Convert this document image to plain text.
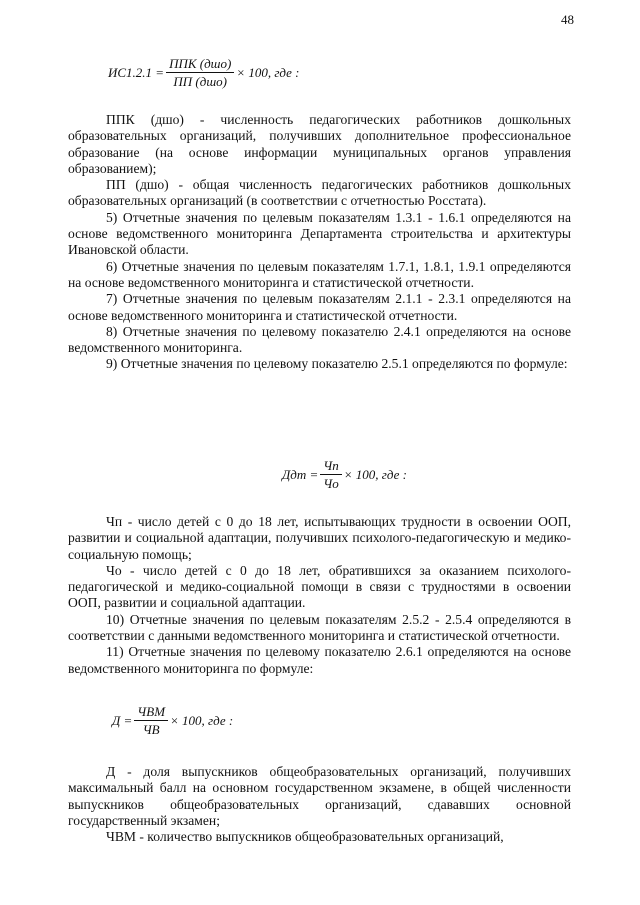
48
$ИС1.2.1 = \frac{\text{ППК (дшо)}}{\text{ПП (дшо)}} \times 100$, где :

ППК (дшо) - численность педагогических работников дошкольных образовательных организаций, получивших дополнительное профессиональное образование (на основе информации муниципальных органов управления образованием);

ПП (дшо) - общая численность педагогических работников дошкольных образовательных организаций (в соответствии с отчетностью Росстата).

5) Отчетные значения по целевым показателям 1.3.1 - 1.6.1 определяются на основе ведомственного мониторинга Департамента строительства и архитектуры Ивановской области.

6) Отчетные значения по целевым показателям 1.7.1, 1.8.1, 1.9.1 определяются на основе ведомственного мониторинга и статистической отчетности.

7) Отчетные значения по целевым показателям 2.1.1 - 2.3.1 определяются на основе ведомственного мониторинга и статистической отчетности.

8) Отчетные значения по целевому показателю 2.4.1 определяются на основе ведомственного мониторинга.

9) Отчетные значения по целевому показателю 2.5.1 определяются по формуле:

Ддт = $\frac{Чп}{Чо} \times 100$, где :

Чп - число детей с 0 до 18 лет, испытывающих трудности в освоении ООП, развитии и социальной адаптации, получивших психолого-педагогическую и медико-социальную помощь;

Чо - число детей с 0 до 18 лет, обратившихся за оказанием психолого-педагогической и медико-социальной помощи в связи с трудностями в освоении ООП, развитии и социальной адаптации.

10) Отчетные значения по целевым показателям 2.5.2 - 2.5.4 определяются в соответствии с данными ведомственного мониторинга и статистической отчетности.

11) Отчетные значения по целевому показателю 2.6.1 определяются на основе ведомственного мониторинга по формуле:

$Д = \frac{\text{ЧВМ}}{ЧВ} \times 100$, где :

Д - доля выпускников общеобразовательных организаций, получивших максимальный балл на основном государственном экзамене, в общей численности выпускников общеобразовательных организаций, сдававших основной государственный экзамен;

ЧВМ - количество выпускников общеобразовательных организаций,
